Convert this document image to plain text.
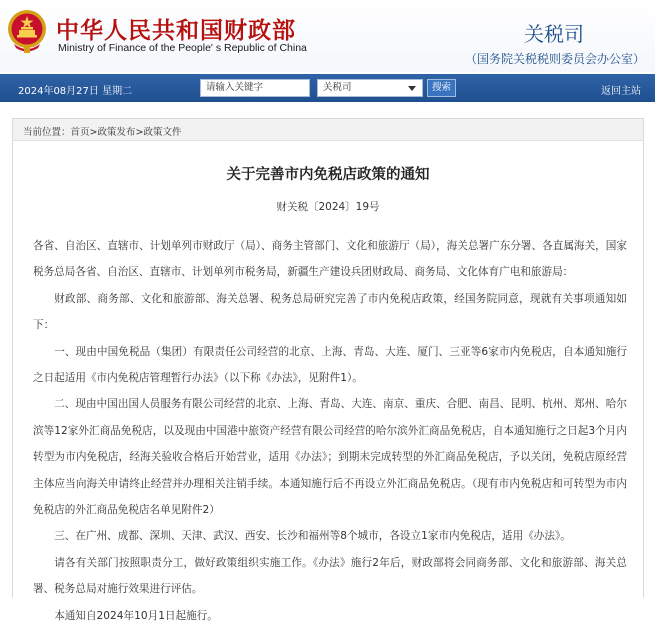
中华人民共和国财政部
Ministry of Finance of the People' s Republic of China
关税司
（国务院关税税则委员会办公室）
2024年08月27日 星期二	请输入关键字	关税司	搜索	返回主站
当前位置：首页>政策发布>政策文件
关于完善市内免税店政策的通知
财关税〔2024〕19号

各省、自治区、直辖市、计划单列市财政厅（局）、商务主管部门、文化和旅游厅（局），海关总署广东分署、各直属海关，国家税务总局各省、自治区、直辖市、计划单列市税务局，新疆生产建设兵团财政局、商务局、文化体育广电和旅游局：

财政部、商务部、文化和旅游部、海关总署、税务总局研究完善了市内免税店政策，经国务院同意，现就有关事项通知如下：

一、现由中国免税品（集团）有限责任公司经营的北京、上海、青岛、大连、厦门、三亚等6家市内免税店，自本通知施行之日起适用《市内免税店管理暂行办法》（以下称《办法》，见附件1）。

二、现由中国出国人员服务有限公司经营的北京、上海、青岛、大连、南京、重庆、合肥、南昌、昆明、杭州、郑州、哈尔滨等12家外汇商品免税店，以及现由中国港中旅资产经营有限公司经营的哈尔滨外汇商品免税店，自本通知施行之日起3个月内转型为市内免税店，经海关验收合格后开始营业，适用《办法》；到期未完成转型的外汇商品免税店，予以关闭，免税店原经营主体应当向海关申请终止经营并办理相关注销手续。本通知施行后不再设立外汇商品免税店。（现有市内免税店和可转型为市内免税店的外汇商品免税店名单见附件2）

三、在广州、成都、深圳、天津、武汉、西安、长沙和福州等8个城市，各设立1家市内免税店，适用《办法》。

请各有关部门按照职责分工，做好政策组织实施工作。《办法》施行2年后，财政部将会同商务部、文化和旅游部、海关总署、税务总局对施行效果进行评估。

本通知自2024年10月1日起施行。
